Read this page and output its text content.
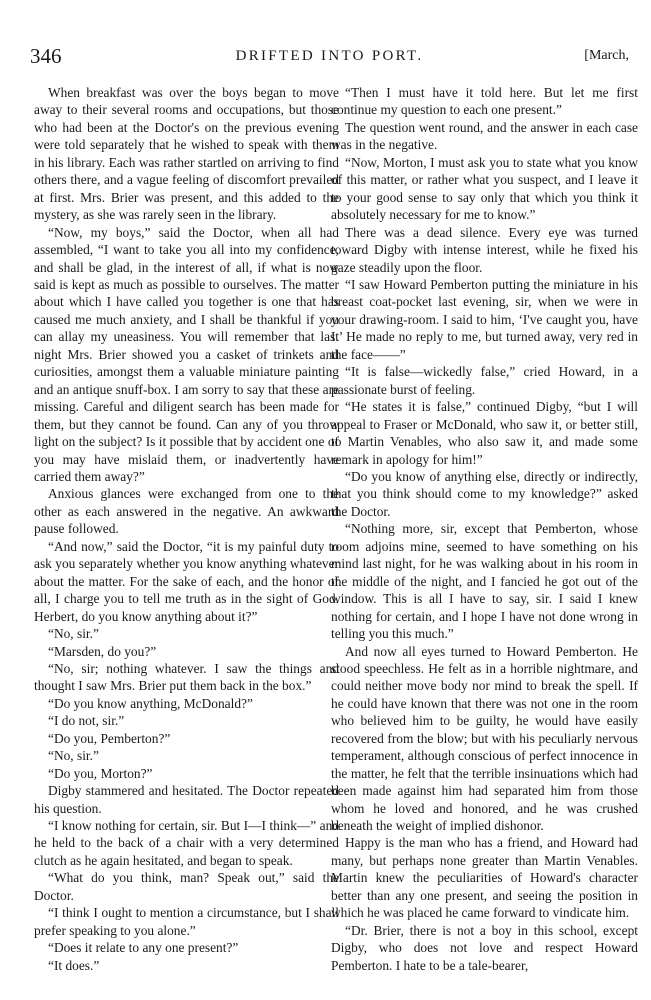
346	DRIFTED INTO PORT.	[March,

When breakfast was over the boys began to move away to their several rooms and occupations, but those who had been at the Doctor's on the previous evening were told separately that he wished to speak with them in his library. Each was rather startled on arriving to find others there, and a vague feeling of discomfort prevailed at first. Mrs. Brier was present, and this added to the mystery, as she was rarely seen in the library.

“Now, my boys,” said the Doctor, when all had assembled, “I want to take you all into my confidence, and shall be glad, in the interest of all, if what is now said is kept as much as possible to ourselves. The matter about which I have called you together is one that has caused me much anxiety, and I shall be thankful if you can allay my uneasiness. You will remember that last night Mrs. Brier showed you a casket of trinkets and curiosities, amongst them a valuable miniature painting and an antique snuff-box. I am sorry to say that these are missing. Careful and diligent search has been made for them, but they cannot be found. Can any of you throw light on the subject? Is it possible that by accident one of you may have mislaid them, or inadvertently have carried them away?”

Anxious glances were exchanged from one to the other as each answered in the negative. An awkward pause followed.

“And now,” said the Doctor, “it is my painful duty to ask you separately whether you know anything whatever about the matter. For the sake of each, and the honor of all, I charge you to tell me truth as in the sight of God. Herbert, do you know anything about it?”

“No, sir.”

“Marsden, do you?”

“No, sir; nothing whatever. I saw the things and thought I saw Mrs. Brier put them back in the box.”

“Do you know anything, McDonald?”

“I do not, sir.”

“Do you, Pemberton?”

“No, sir.”

“Do you, Morton?”

Digby stammered and hesitated. The Doctor repeated his question.

“I know nothing for certain, sir. But I—I think—” and he held to the back of a chair with a very determined clutch as he again hesitated, and began to speak.

“What do you think, man? Speak out,” said the Doctor.

“I think I ought to mention a circumstance, but I shall prefer speaking to you alone.”

“Does it relate to any one present?”

“It does.”

“Then I must have it told here. But let me first continue my question to each one present.”

The question went round, and the answer in each case was in the negative.

“Now, Morton, I must ask you to state what you know of this matter, or rather what you suspect, and I leave it to your good sense to say only that which you think it absolutely necessary for me to know.”

There was a dead silence. Every eye was turned toward Digby with intense interest, while he fixed his gaze steadily upon the floor.

“I saw Howard Pemberton putting the miniature in his breast coat-pocket last evening, sir, when we were in your drawing-room. I said to him, ‘I've caught you, have I.’ He made no reply to me, but turned away, very red in the face——”

“It is false—wickedly false,” cried Howard, in a passionate burst of feeling.

“He states it is false,” continued Digby, “but I will appeal to Fraser or McDonald, who saw it, or better still, to Martin Venables, who also saw it, and made some remark in apology for him!”

“Do you know of anything else, directly or indirectly, that you think should come to my knowledge?” asked the Doctor.

“Nothing more, sir, except that Pemberton, whose room adjoins mine, seemed to have something on his mind last night, for he was walking about in his room in the middle of the night, and I fancied he got out of the window. This is all I have to say, sir. I said I knew nothing for certain, and I hope I have not done wrong in telling you this much.”

And now all eyes turned to Howard Pemberton. He stood speechless. He felt as in a horrible nightmare, and could neither move body nor mind to break the spell. If he could have known that there was not one in the room who believed him to be guilty, he would have easily recovered from the blow; but with his peculiarly nervous temperament, although conscious of perfect innocence in the matter, he felt that the terrible insinuations which had been made against him had separated him from those whom he loved and honored, and he was crushed beneath the weight of implied dishonor.

Happy is the man who has a friend, and Howard had many, but perhaps none greater than Martin Venables. Martin knew the peculiarities of Howard's character better than any one present, and seeing the position in which he was placed he came forward to vindicate him.

“Dr. Brier, there is not a boy in this school, except Digby, who does not love and respect Howard Pemberton. I hate to be a tale-bearer,
